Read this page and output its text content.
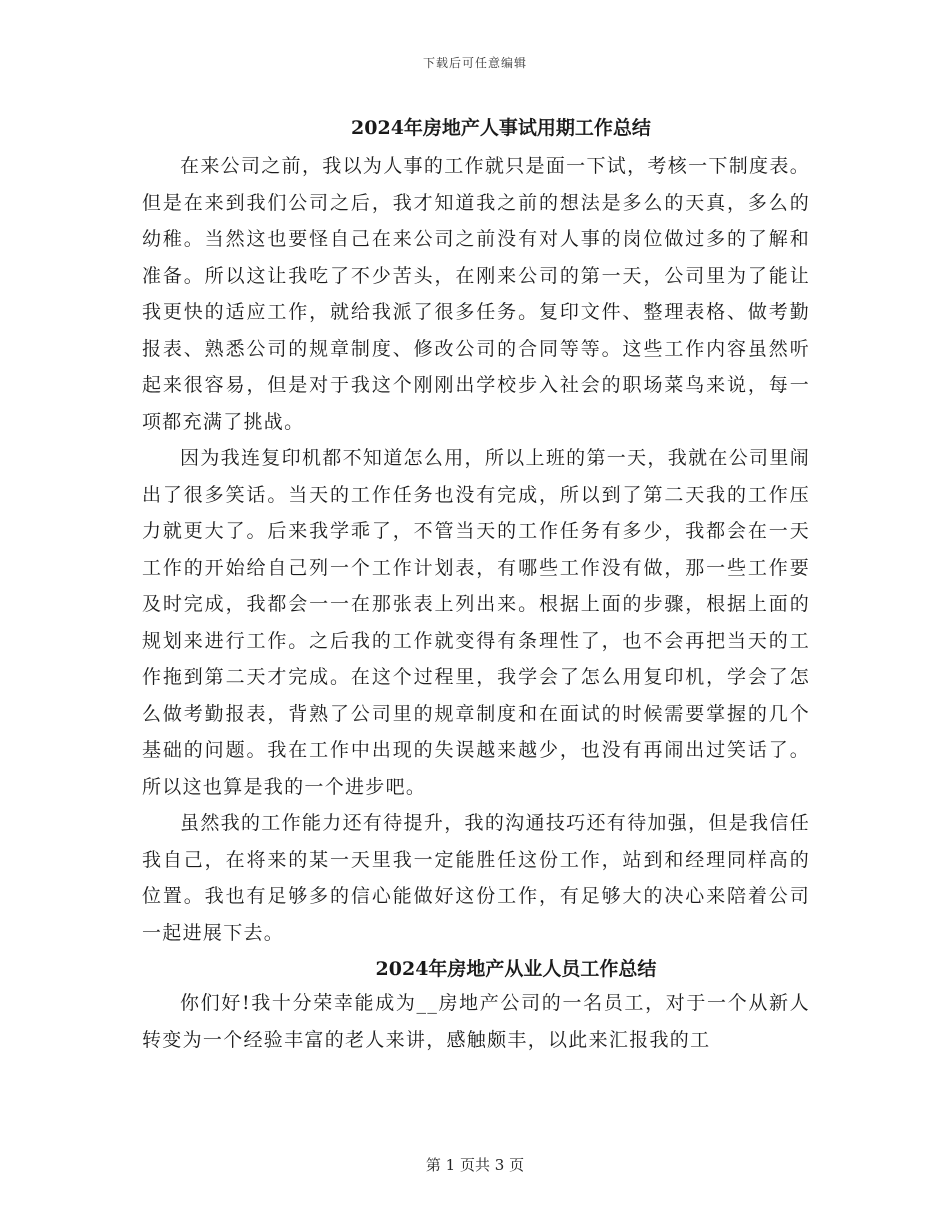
下载后可任意编辑
2024年房地产人事试用期工作总结

在来公司之前，我以为人事的工作就只是面一下试，考核一下制度表。但是在来到我们公司之后，我才知道我之前的想法是多么的天真，多么的幼稚。当然这也要怪自己在来公司之前没有对人事的岗位做过多的了解和准备。所以这让我吃了不少苦头，在刚来公司的第一天，公司里为了能让我更快的适应工作，就给我派了很多任务。复印文件、整理表格、做考勤报表、熟悉公司的规章制度、修改公司的合同等等。这些工作内容虽然听起来很容易，但是对于我这个刚刚出学校步入社会的职场菜鸟来说，每一项都充满了挑战。

因为我连复印机都不知道怎么用，所以上班的第一天，我就在公司里闹出了很多笑话。当天的工作任务也没有完成，所以到了第二天我的工作压力就更大了。后来我学乖了，不管当天的工作任务有多少，我都会在一天工作的开始给自己列一个工作计划表，有哪些工作没有做，那一些工作要及时完成，我都会一一在那张表上列出来。根据上面的步骤，根据上面的规划来进行工作。之后我的工作就变得有条理性了，也不会再把当天的工作拖到第二天才完成。在这个过程里，我学会了怎么用复印机，学会了怎么做考勤报表，背熟了公司里的规章制度和在面试的时候需要掌握的几个基础的问题。我在工作中出现的失误越来越少，也没有再闹出过笑话了。所以这也算是我的一个进步吧。

虽然我的工作能力还有待提升，我的沟通技巧还有待加强，但是我信任我自己，在将来的某一天里我一定能胜任这份工作，站到和经理同样高的位置。我也有足够多的信心能做好这份工作，有足够大的决心来陪着公司一起进展下去。

2024年房地产从业人员工作总结

你们好!我十分荣幸能成为__房地产公司的一名员工，对于一个从新人转变为一个经验丰富的老人来讲，感触颇丰，以此来汇报我的工

第 1 页共 3 页
